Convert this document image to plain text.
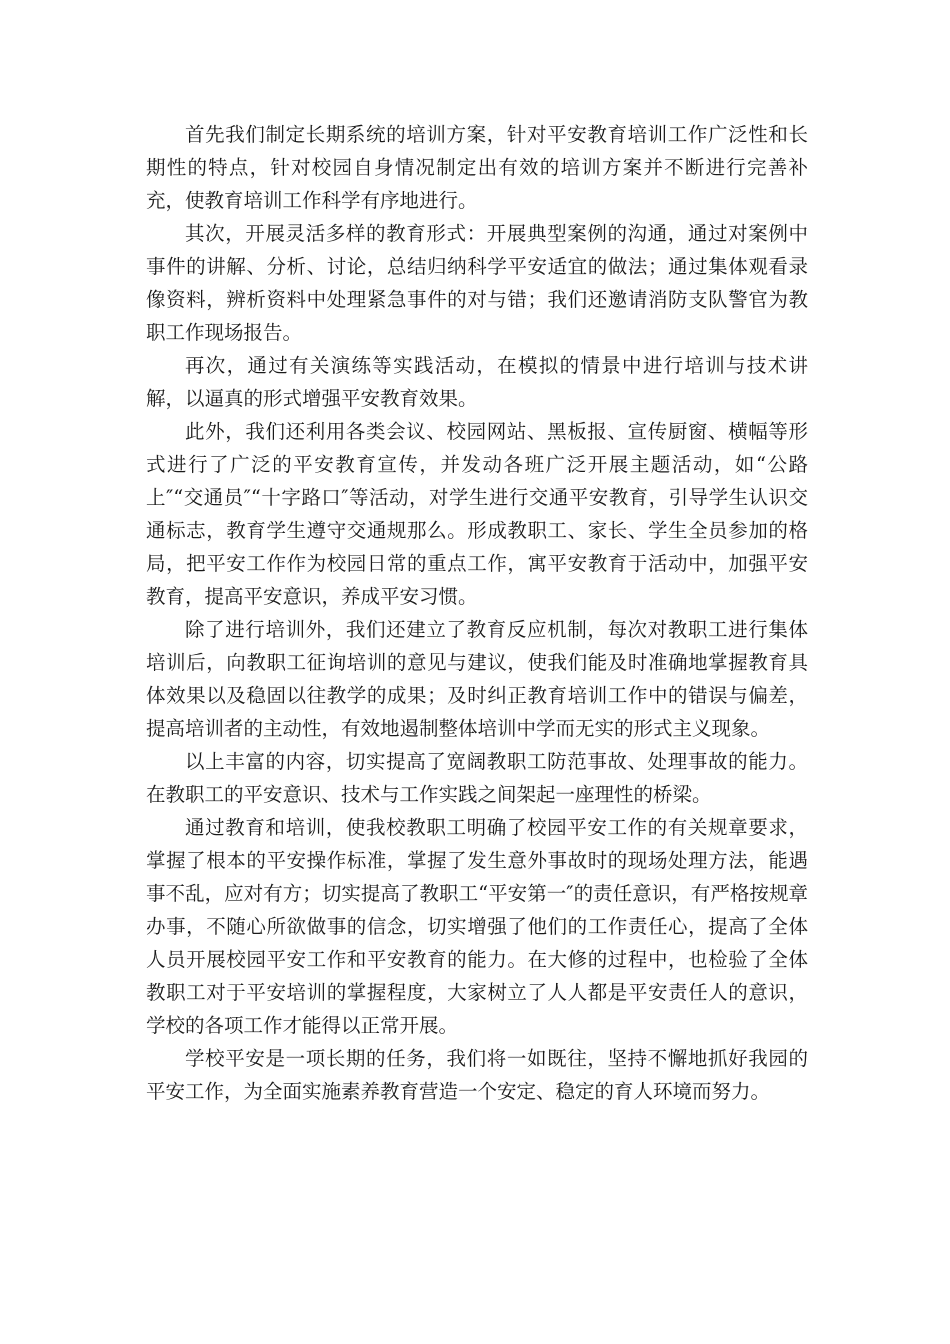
首先我们制定长期系统的培训方案，针对平安教育培训工作广泛性和长期性的特点，针对校园自身情况制定出有效的培训方案并不断进行完善补充，使教育培训工作科学有序地进行。

其次，开展灵活多样的教育形式：开展典型案例的沟通，通过对案例中事件的讲解、分析、讨论，总结归纳科学平安适宜的做法；通过集体观看录像资料，辨析资料中处理紧急事件的对与错；我们还邀请消防支队警官为教职工作现场报告。

再次，通过有关演练等实践活动，在模拟的情景中进行培训与技术讲解，以逼真的形式增强平安教育效果。

此外，我们还利用各类会议、校园网站、黑板报、宣传厨窗、横幅等形式进行了广泛的平安教育宣传，并发动各班广泛开展主题活动，如“公路上″“交通员″“十字路口″等活动，对学生进行交通平安教育，引导学生认识交通标志，教育学生遵守交通规那么。形成教职工、家长、学生全员参加的格局，把平安工作作为校园日常的重点工作，寓平安教育于活动中，加强平安教育，提高平安意识，养成平安习惯。

除了进行培训外，我们还建立了教育反应机制，每次对教职工进行集体培训后，向教职工征询培训的意见与建议，使我们能及时准确地掌握教育具体效果以及稳固以往教学的成果；及时纠正教育培训工作中的错误与偏差，提高培训者的主动性，有效地遏制整体培训中学而无实的形式主义现象。

以上丰富的内容，切实提高了宽阔教职工防范事故、处理事故的能力。在教职工的平安意识、技术与工作实践之间架起一座理性的桥梁。

通过教育和培训，使我校教职工明确了校园平安工作的有关规章要求，掌握了根本的平安操作标准，掌握了发生意外事故时的现场处理方法，能遇事不乱，应对有方；切实提高了教职工“平安第一″的责任意识，有严格按规章办事，不随心所欲做事的信念，切实增强了他们的工作责任心，提高了全体人员开展校园平安工作和平安教育的能力。在大修的过程中，也检验了全体教职工对于平安培训的掌握程度，大家树立了人人都是平安责任人的意识，学校的各项工作才能得以正常开展。

学校平安是一项长期的任务，我们将一如既往，坚持不懈地抓好我园的平安工作，为全面实施素养教育营造一个安定、稳定的育人环境而努力。
